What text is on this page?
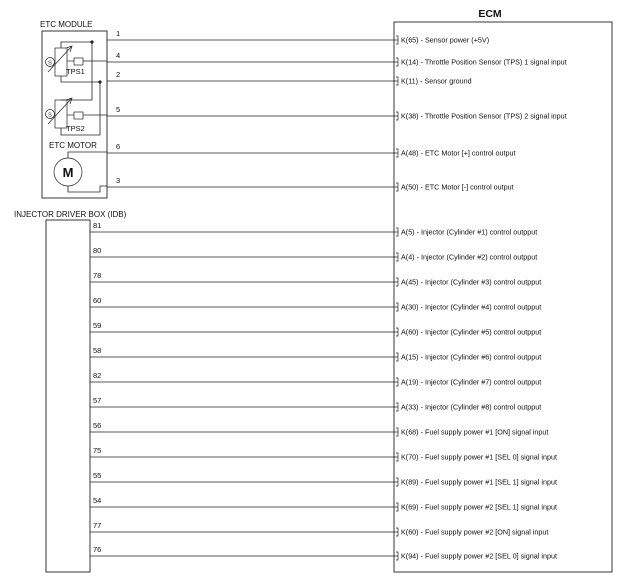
ECM
ETC MODULE
S
TPS1
S
TPS2
ETC MOTOR
M
INJECTOR DRIVER BOX (IDB)
1
K(65) - Sensor power (+5V)
4
K(14) - Throttle Position Sensor (TPS) 1 signal input
2
K(11) - Sensor ground
5
K(38) - Throttle Position Sensor (TPS) 2 signal input
6
A(48) - ETC Motor [+] control output
3
A(50) - ETC Motor [-] control output
81
A(5) - Injector (Cylinder #1) control outpput
80
A(4) - Injector (Cylinder #2) control outpput
78
A(45) - Injector (Cylinder #3) control outpput
60
A(30) - Injector (Cylinder #4) control outpput
59
A(60) - Injector (Cylinder #5) control outpput
58
A(15) - Injector (Cylinder #6) control outpput
82
A(19) - Injector (Cylinder #7) control outpput
57
A(33) - Injector (Cylinder #8) control outpput
56
K(68) - Fuel supply power #1 [ON] signal input
75
K(70) - Fuel supply power #1 [SEL 0] signal input
55
K(89) - Fuel supply power #1 [SEL 1] signal input
54
K(69) - Fuel supply power #2 [SEL 1] signal input
77
K(60) - Fuel supply power #2 [ON] signal input
76
K(94) - Fuel supply power #2 [SEL 0] signal input
